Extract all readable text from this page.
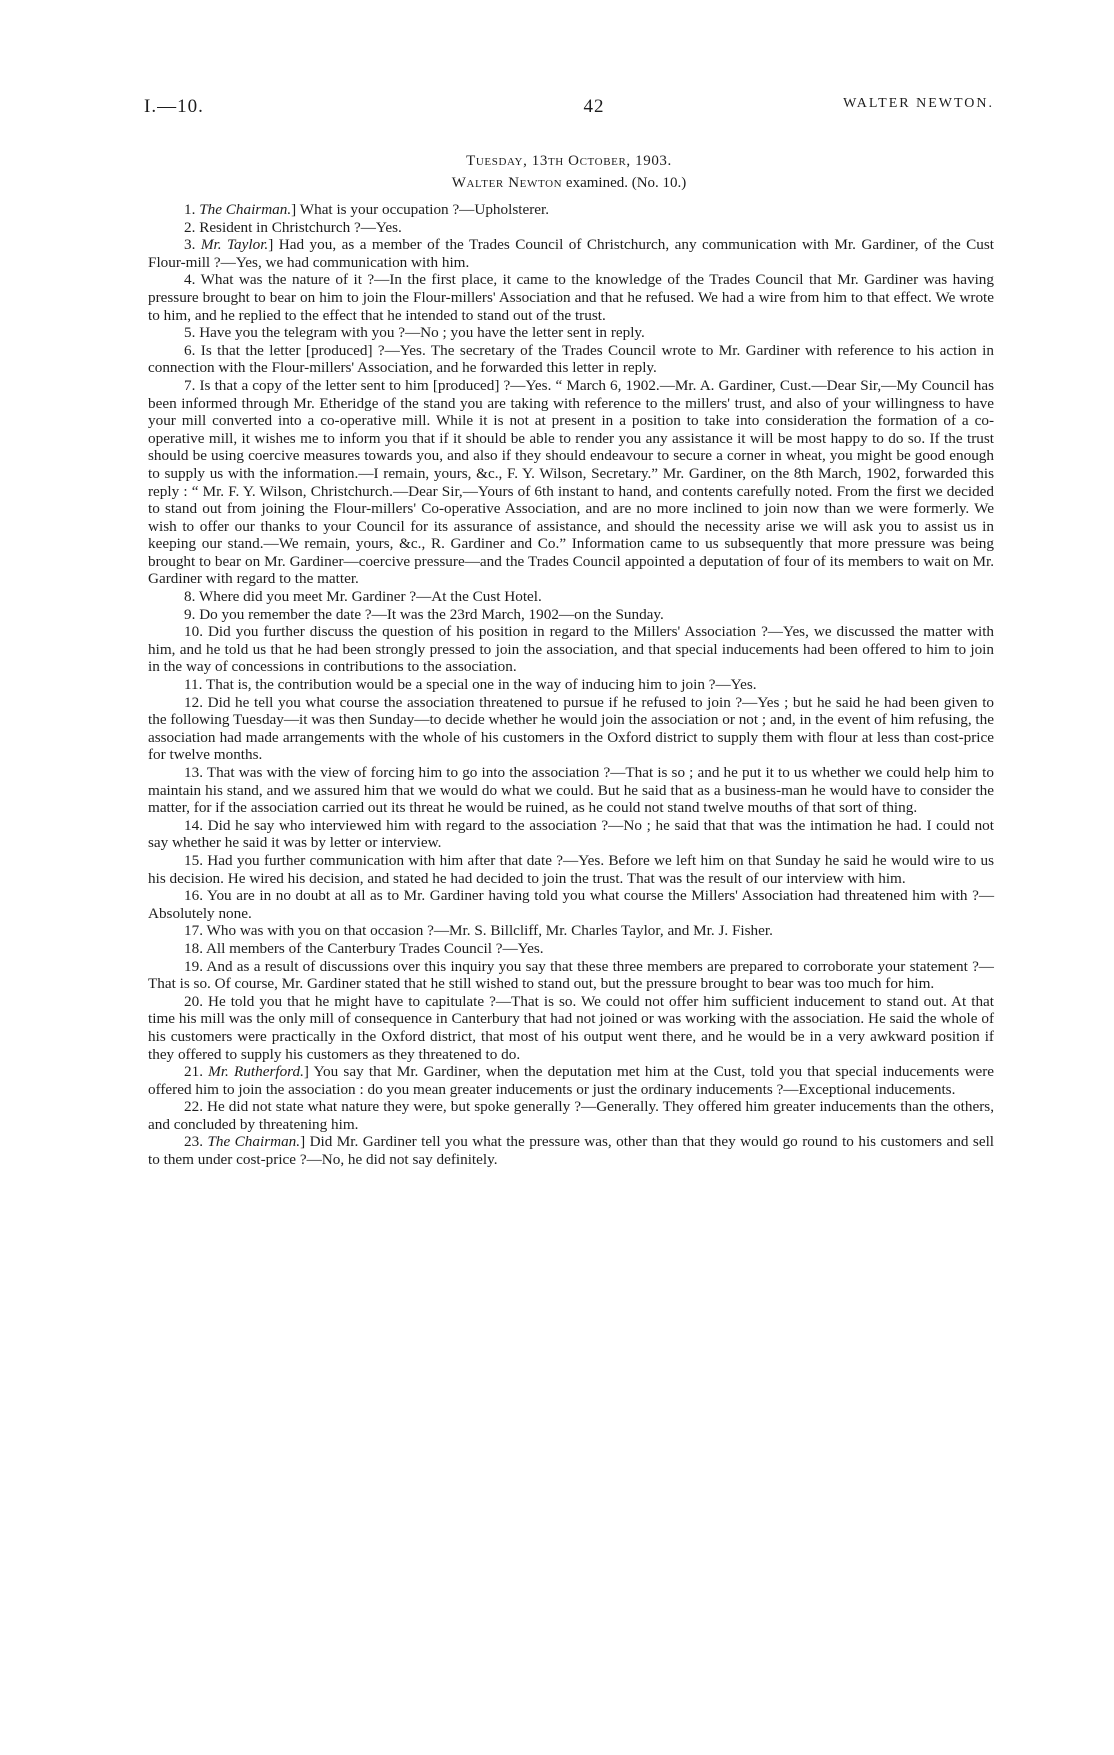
I.—10.	42	WALTER NEWTON.
Tuesday, 13th October, 1903.
Walter Newton examined. (No. 10.)

1. The Chairman.] What is your occupation ?—Upholsterer.

2. Resident in Christchurch ?—Yes.

3. Mr. Taylor.] Had you, as a member of the Trades Council of Christchurch, any communication with Mr. Gardiner, of the Cust Flour-mill ?—Yes, we had communication with him.

4. What was the nature of it ?—In the first place, it came to the knowledge of the Trades Council that Mr. Gardiner was having pressure brought to bear on him to join the Flour-millers' Association and that he refused. We had a wire from him to that effect. We wrote to him, and he replied to the effect that he intended to stand out of the trust.

5. Have you the telegram with you ?—No ; you have the letter sent in reply.

6. Is that the letter [produced] ?—Yes. The secretary of the Trades Council wrote to Mr. Gardiner with reference to his action in connection with the Flour-millers' Association, and he forwarded this letter in reply.

7. Is that a copy of the letter sent to him [produced] ?—Yes. “ March 6, 1902.—Mr. A. Gardiner, Cust.—Dear Sir,—My Council has been informed through Mr. Etheridge of the stand you are taking with reference to the millers' trust, and also of your willingness to have your mill converted into a co-operative mill. While it is not at present in a position to take into consideration the formation of a co-operative mill, it wishes me to inform you that if it should be able to render you any assistance it will be most happy to do so. If the trust should be using coercive measures towards you, and also if they should endeavour to secure a corner in wheat, you might be good enough to supply us with the information.—I remain, yours, &c., F. Y. Wilson, Secretary.” Mr. Gardiner, on the 8th March, 1902, forwarded this reply : “ Mr. F. Y. Wilson, Christchurch.—Dear Sir,—Yours of 6th instant to hand, and contents carefully noted. From the first we decided to stand out from joining the Flour-millers' Co-operative Association, and are no more inclined to join now than we were formerly. We wish to offer our thanks to your Council for its assurance of assistance, and should the necessity arise we will ask you to assist us in keeping our stand.—We remain, yours, &c., R. Gardiner and Co.” Information came to us subsequently that more pressure was being brought to bear on Mr. Gardiner—coercive pressure—and the Trades Council appointed a deputation of four of its members to wait on Mr. Gardiner with regard to the matter.

8. Where did you meet Mr. Gardiner ?—At the Cust Hotel.

9. Do you remember the date ?—It was the 23rd March, 1902—on the Sunday.

10. Did you further discuss the question of his position in regard to the Millers' Association ?—Yes, we discussed the matter with him, and he told us that he had been strongly pressed to join the association, and that special inducements had been offered to him to join in the way of concessions in contributions to the association.

11. That is, the contribution would be a special one in the way of inducing him to join ?—Yes.

12. Did he tell you what course the association threatened to pursue if he refused to join ?—Yes ; but he said he had been given to the following Tuesday—it was then Sunday—to decide whether he would join the association or not ; and, in the event of him refusing, the association had made arrangements with the whole of his customers in the Oxford district to supply them with flour at less than cost-price for twelve months.

13. That was with the view of forcing him to go into the association ?—That is so ; and he put it to us whether we could help him to maintain his stand, and we assured him that we would do what we could. But he said that as a business-man he would have to consider the matter, for if the association carried out its threat he would be ruined, as he could not stand twelve mouths of that sort of thing.

14. Did he say who interviewed him with regard to the association ?—No ; he said that that was the intimation he had. I could not say whether he said it was by letter or interview.

15. Had you further communication with him after that date ?—Yes. Before we left him on that Sunday he said he would wire to us his decision. He wired his decision, and stated he had decided to join the trust. That was the result of our interview with him.

16. You are in no doubt at all as to Mr. Gardiner having told you what course the Millers' Association had threatened him with ?—Absolutely none.

17. Who was with you on that occasion ?—Mr. S. Billcliff, Mr. Charles Taylor, and Mr. J. Fisher.

18. All members of the Canterbury Trades Council ?—Yes.

19. And as a result of discussions over this inquiry you say that these three members are prepared to corroborate your statement ?—That is so. Of course, Mr. Gardiner stated that he still wished to stand out, but the pressure brought to bear was too much for him.

20. He told you that he might have to capitulate ?—That is so. We could not offer him sufficient inducement to stand out. At that time his mill was the only mill of consequence in Canterbury that had not joined or was working with the association. He said the whole of his customers were practically in the Oxford district, that most of his output went there, and he would be in a very awkward position if they offered to supply his customers as they threatened to do.

21. Mr. Rutherford.] You say that Mr. Gardiner, when the deputation met him at the Cust, told you that special inducements were offered him to join the association : do you mean greater inducements or just the ordinary inducements ?—Exceptional inducements.

22. He did not state what nature they were, but spoke generally ?—Generally. They offered him greater inducements than the others, and concluded by threatening him.

23. The Chairman.] Did Mr. Gardiner tell you what the pressure was, other than that they would go round to his customers and sell to them under cost-price ?—No, he did not say definitely.
